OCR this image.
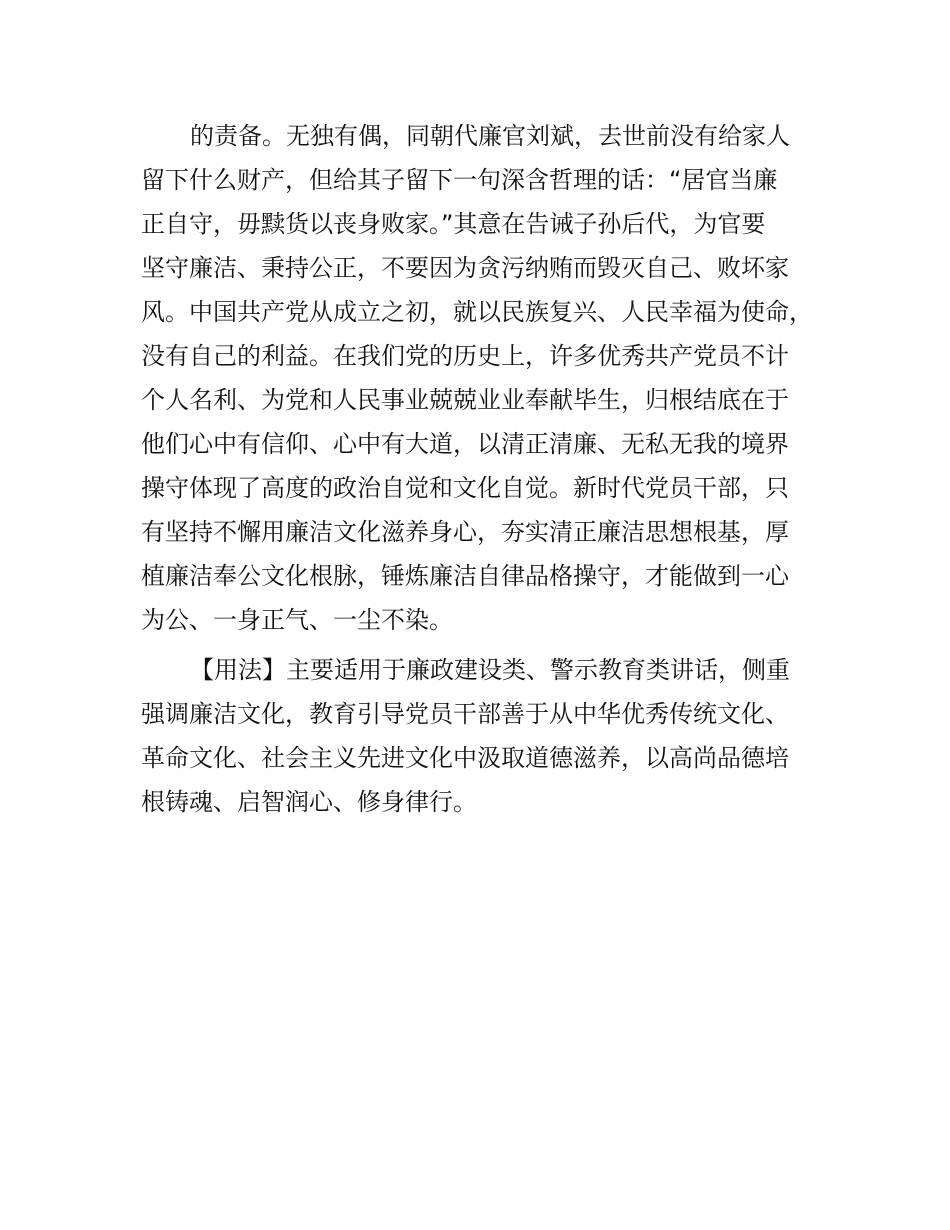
的责备。无独有偶，同朝代廉官刘斌，去世前没有给家人

留下什么财产，但给其子留下一句深含哲理的话：“居官当廉

正自守，毋黩货以丧身败家。”其意在告诫子孙后代，为官要

坚守廉洁、秉持公正，不要因为贪污纳贿而毁灭自己、败坏家

风。中国共产党从成立之初，就以民族复兴、人民幸福为使命，

没有自己的利益。在我们党的历史上，许多优秀共产党员不计

个人名利、为党和人民事业兢兢业业奉献毕生，归根结底在于

他们心中有信仰、心中有大道，以清正清廉、无私无我的境界

操守体现了高度的政治自觉和文化自觉。新时代党员干部，只

有坚持不懈用廉洁文化滋养身心，夯实清正廉洁思想根基，厚

植廉洁奉公文化根脉，锤炼廉洁自律品格操守，才能做到一心

为公、一身正气、一尘不染。

【用法】主要适用于廉政建设类、警示教育类讲话，侧重

强调廉洁文化，教育引导党员干部善于从中华优秀传统文化、

革命文化、社会主义先进文化中汲取道德滋养，以高尚品德培

根铸魂、启智润心、修身律行。
